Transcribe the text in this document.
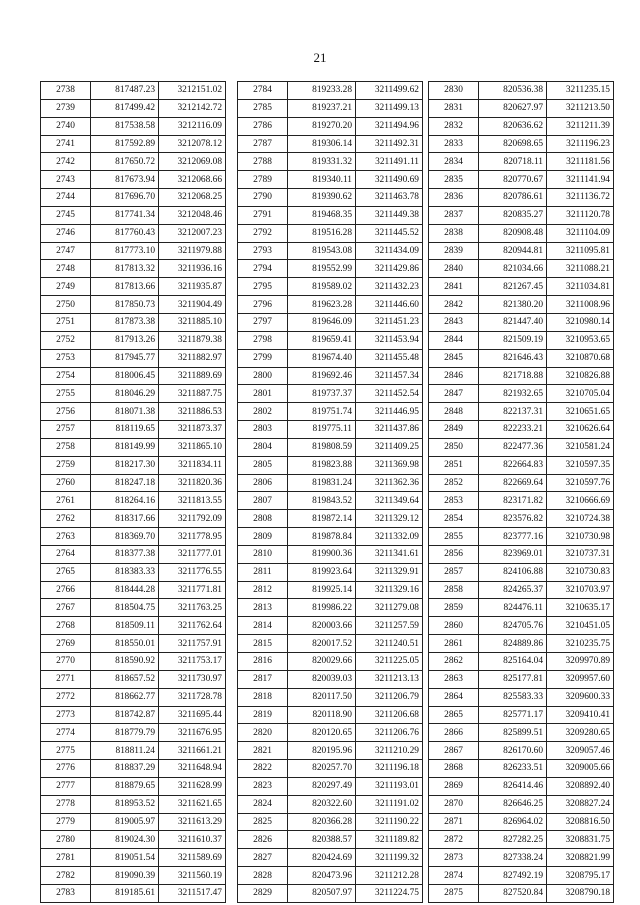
21
2738	817487.23	3212151.02
2739	817499.42	3212142.72
2740	817538.58	3212116.09
2741	817592.89	3212078.12
2742	817650.72	3212069.08
2743	817673.94	3212068.66
2744	817696.70	3212068.25
2745	817741.34	3212048.46
2746	817760.43	3212007.23
2747	817773.10	3211979.88
2748	817813.32	3211936.16
2749	817813.66	3211935.87
2750	817850.73	3211904.49
2751	817873.38	3211885.10
2752	817913.26	3211879.38
2753	817945.77	3211882.97
2754	818006.45	3211889.69
2755	818046.29	3211887.75
2756	818071.38	3211886.53
2757	818119.65	3211873.37
2758	818149.99	3211865.10
2759	818217.30	3211834.11
2760	818247.18	3211820.36
2761	818264.16	3211813.55
2762	818317.66	3211792.09
2763	818369.70	3211778.95
2764	818377.38	3211777.01
2765	818383.33	3211776.55
2766	818444.28	3211771.81
2767	818504.75	3211763.25
2768	818509.11	3211762.64
2769	818550.01	3211757.91
2770	818590.92	3211753.17
2771	818657.52	3211730.97
2772	818662.77	3211728.78
2773	818742.87	3211695.44
2774	818779.79	3211676.95
2775	818811.24	3211661.21
2776	818837.29	3211648.94
2777	818879.65	3211628.99
2778	818953.52	3211621.65
2779	819005.97	3211613.29
2780	819024.30	3211610.37
2781	819051.54	3211589.69
2782	819090.39	3211560.19
2783	819185.61	3211517.47
2784	819233.28	3211499.62
2785	819237.21	3211499.13
2786	819270.20	3211494.96
2787	819306.14	3211492.31
2788	819331.32	3211491.11
2789	819340.11	3211490.69
2790	819390.62	3211463.78
2791	819468.35	3211449.38
2792	819516.28	3211445.52
2793	819543.08	3211434.09
2794	819552.99	3211429.86
2795	819589.02	3211432.23
2796	819623.28	3211446.60
2797	819646.09	3211451.23
2798	819659.41	3211453.94
2799	819674.40	3211455.48
2800	819692.46	3211457.34
2801	819737.37	3211452.54
2802	819751.74	3211446.95
2803	819775.11	3211437.86
2804	819808.59	3211409.25
2805	819823.88	3211369.98
2806	819831.24	3211362.36
2807	819843.52	3211349.64
2808	819872.14	3211329.12
2809	819878.84	3211332.09
2810	819900.36	3211341.61
2811	819923.64	3211329.91
2812	819925.14	3211329.16
2813	819986.22	3211279.08
2814	820003.66	3211257.59
2815	820017.52	3211240.51
2816	820029.66	3211225.05
2817	820039.03	3211213.13
2818	820117.50	3211206.79
2819	820118.90	3211206.68
2820	820120.65	3211206.76
2821	820195.96	3211210.29
2822	820257.70	3211196.18
2823	820297.49	3211193.01
2824	820322.60	3211191.02
2825	820366.28	3211190.22
2826	820388.57	3211189.82
2827	820424.69	3211199.32
2828	820473.96	3211212.28
2829	820507.97	3211224.75
2830	820536.38	3211235.15
2831	820627.97	3211213.50
2832	820636.62	3211211.39
2833	820698.65	3211196.23
2834	820718.11	3211181.56
2835	820770.67	3211141.94
2836	820786.61	3211136.72
2837	820835.27	3211120.78
2838	820908.48	3211104.09
2839	820944.81	3211095.81
2840	821034.66	3211088.21
2841	821267.45	3211034.81
2842	821380.20	3211008.96
2843	821447.40	3210980.14
2844	821509.19	3210953.65
2845	821646.43	3210870.68
2846	821718.88	3210826.88
2847	821932.65	3210705.04
2848	822137.31	3210651.65
2849	822233.21	3210626.64
2850	822477.36	3210581.24
2851	822664.83	3210597.35
2852	822669.64	3210597.76
2853	823171.82	3210666.69
2854	823576.82	3210724.38
2855	823777.16	3210730.98
2856	823969.01	3210737.31
2857	824106.88	3210730.83
2858	824265.37	3210703.97
2859	824476.11	3210635.17
2860	824705.76	3210451.05
2861	824889.86	3210235.75
2862	825164.04	3209970.89
2863	825177.81	3209957.60
2864	825583.33	3209600.33
2865	825771.17	3209410.41
2866	825899.51	3209280.65
2867	826170.60	3209057.46
2868	826233.51	3209005.66
2869	826414.46	3208892.40
2870	826646.25	3208827.24
2871	826964.02	3208816.50
2872	827282.25	3208831.75
2873	827338.24	3208821.99
2874	827492.19	3208795.17
2875	827520.84	3208790.18
